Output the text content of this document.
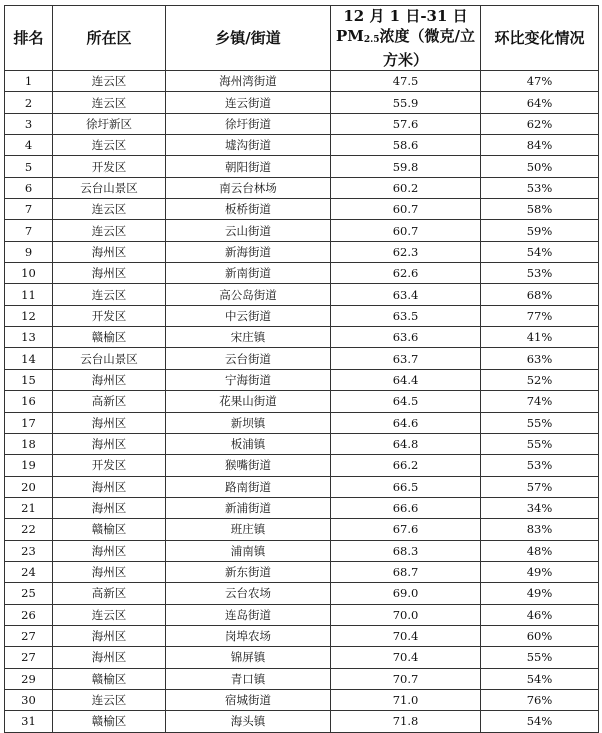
排名	所在区	乡镇/街道	12 月 1 日-31 日 $PM_{2.5}$浓度（微克/立方米）	环比变化情况
1	连云区	海州湾街道	47.5	47%
2	连云区	连云街道	55.9	64%
3	徐圩新区	徐圩街道	57.6	62%
4	连云区	墟沟街道	58.6	84%
5	开发区	朝阳街道	59.8	50%
6	云台山景区	南云台林场	60.2	53%
7	连云区	板桥街道	60.7	58%
7	连云区	云山街道	60.7	59%
9	海州区	新海街道	62.3	54%
10	海州区	新南街道	62.6	53%
11	连云区	高公岛街道	63.4	68%
12	开发区	中云街道	63.5	77%
13	赣榆区	宋庄镇	63.6	41%
14	云台山景区	云台街道	63.7	63%
15	海州区	宁海街道	64.4	52%
16	高新区	花果山街道	64.5	74%
17	海州区	新坝镇	64.6	55%
18	海州区	板浦镇	64.8	55%
19	开发区	猴嘴街道	66.2	53%
20	海州区	路南街道	66.5	57%
21	海州区	新浦街道	66.6	34%
22	赣榆区	班庄镇	67.6	83%
23	海州区	浦南镇	68.3	48%
24	海州区	新东街道	68.7	49%
25	高新区	云台农场	69.0	49%
26	连云区	连岛街道	70.0	46%
27	海州区	岗埠农场	70.4	60%
27	海州区	锦屏镇	70.4	55%
29	赣榆区	青口镇	70.7	54%
30	连云区	宿城街道	71.0	76%
31	赣榆区	海头镇	71.8	54%
